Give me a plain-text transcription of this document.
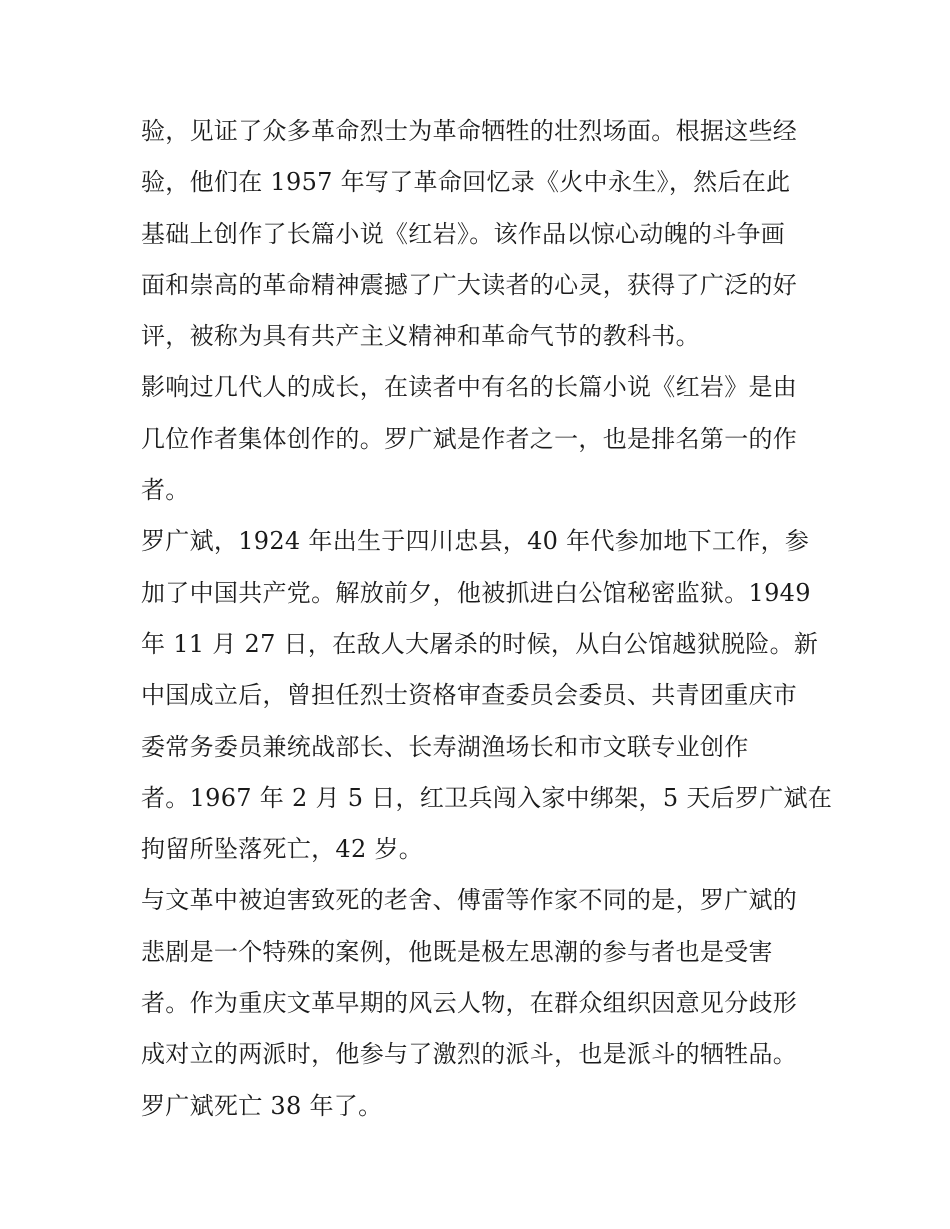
验，见证了众多革命烈士为革命牺牲的壮烈场面。根据这些经
验，他们在 1957 年写了革命回忆录《火中永生》，然后在此
基础上创作了长篇小说《红岩》。该作品以惊心动魄的斗争画
面和崇高的革命精神震撼了广大读者的心灵，获得了广泛的好
评，被称为具有共产主义精神和革命气节的教科书。

影响过几代人的成长，在读者中有名的长篇小说《红岩》是由
几位作者集体创作的。罗广斌是作者之一，也是排名第一的作
者。

罗广斌，1924 年出生于四川忠县，40 年代参加地下工作，参
加了中国共产党。解放前夕，他被抓进白公馆秘密监狱。1949
年 11 月 27 日，在敌人大屠杀的时候，从白公馆越狱脱险。新
中国成立后，曾担任烈士资格审查委员会委员、共青团重庆市
委常务委员兼统战部长、长寿湖渔场长和市文联专业创作
者。1967 年 2 月 5 日，红卫兵闯入家中绑架，5 天后罗广斌在
拘留所坠落死亡，42 岁。

与文革中被迫害致死的老舍、傅雷等作家不同的是，罗广斌的
悲剧是一个特殊的案例，他既是极左思潮的参与者也是受害
者。作为重庆文革早期的风云人物，在群众组织因意见分歧形
成对立的两派时，他参与了激烈的派斗，也是派斗的牺牲品。
罗广斌死亡 38 年了。
